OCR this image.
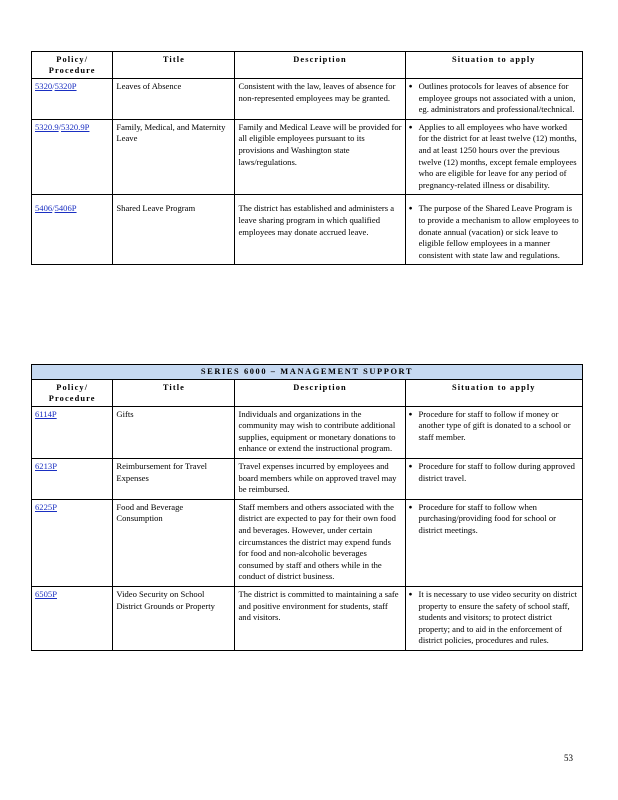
Policy/ Procedure	Title	Description	Situation to apply
5320/5320P	Leaves of Absence	Consistent with the law, leaves of absence for non-represented employees may be granted.	● Outlines protocols for leaves of absence for employee groups not associated with a union, eg. administrators and professional/technical.

5320.9/5320.9P	Family, Medical, and Maternity Leave	Family and Medical Leave will be provided for all eligible employees pursuant to its provisions and Washington state laws/regulations.	● Applies to all employees who have worked for the district for at least twelve (12) months, and at least 1250 hours over the previous twelve (12) months, except female employees who are eligible for leave for any period of pregnancy-related illness or disability.

5406/5406P	Shared Leave Program	The district has established and administers a leave sharing program in which qualified employees may donate accrued leave.	● The purpose of the Shared Leave Program is to provide a mechanism to allow employees to donate annual (vacation) or sick leave to eligible fellow employees in a manner consistent with state law and regulations.
SERIES 6000 – MANAGEMENT SUPPORT			
Policy/ Procedure	Title	Description	Situation to apply
6114P	Gifts	Individuals and organizations in the community may wish to contribute additional supplies, equipment or monetary donations to enhance or extend the instructional program.	● Procedure for staff to follow if money or another type of gift is donated to a school or staff member.

6213P	Reimbursement for Travel Expenses	Travel expenses incurred by employees and board members while on approved travel may be reimbursed.	● Procedure for staff to follow during approved district travel.

6225P	Food and Beverage Consumption	Staff members and others associated with the district are expected to pay for their own food and beverages. However, under certain circumstances the district may expend funds for food and non-alcoholic beverages consumed by staff and others while in the conduct of district business.	● Procedure for staff to follow when purchasing/providing food for school or district meetings.

6505P	Video Security on School District Grounds or Property	The district is committed to maintaining a safe and positive environment for students, staff and visitors.	● It is necessary to use video security on district property to ensure the safety of school staff, students and visitors; to protect district property; and to aid in the enforcement of district policies, procedures and rules.
53
